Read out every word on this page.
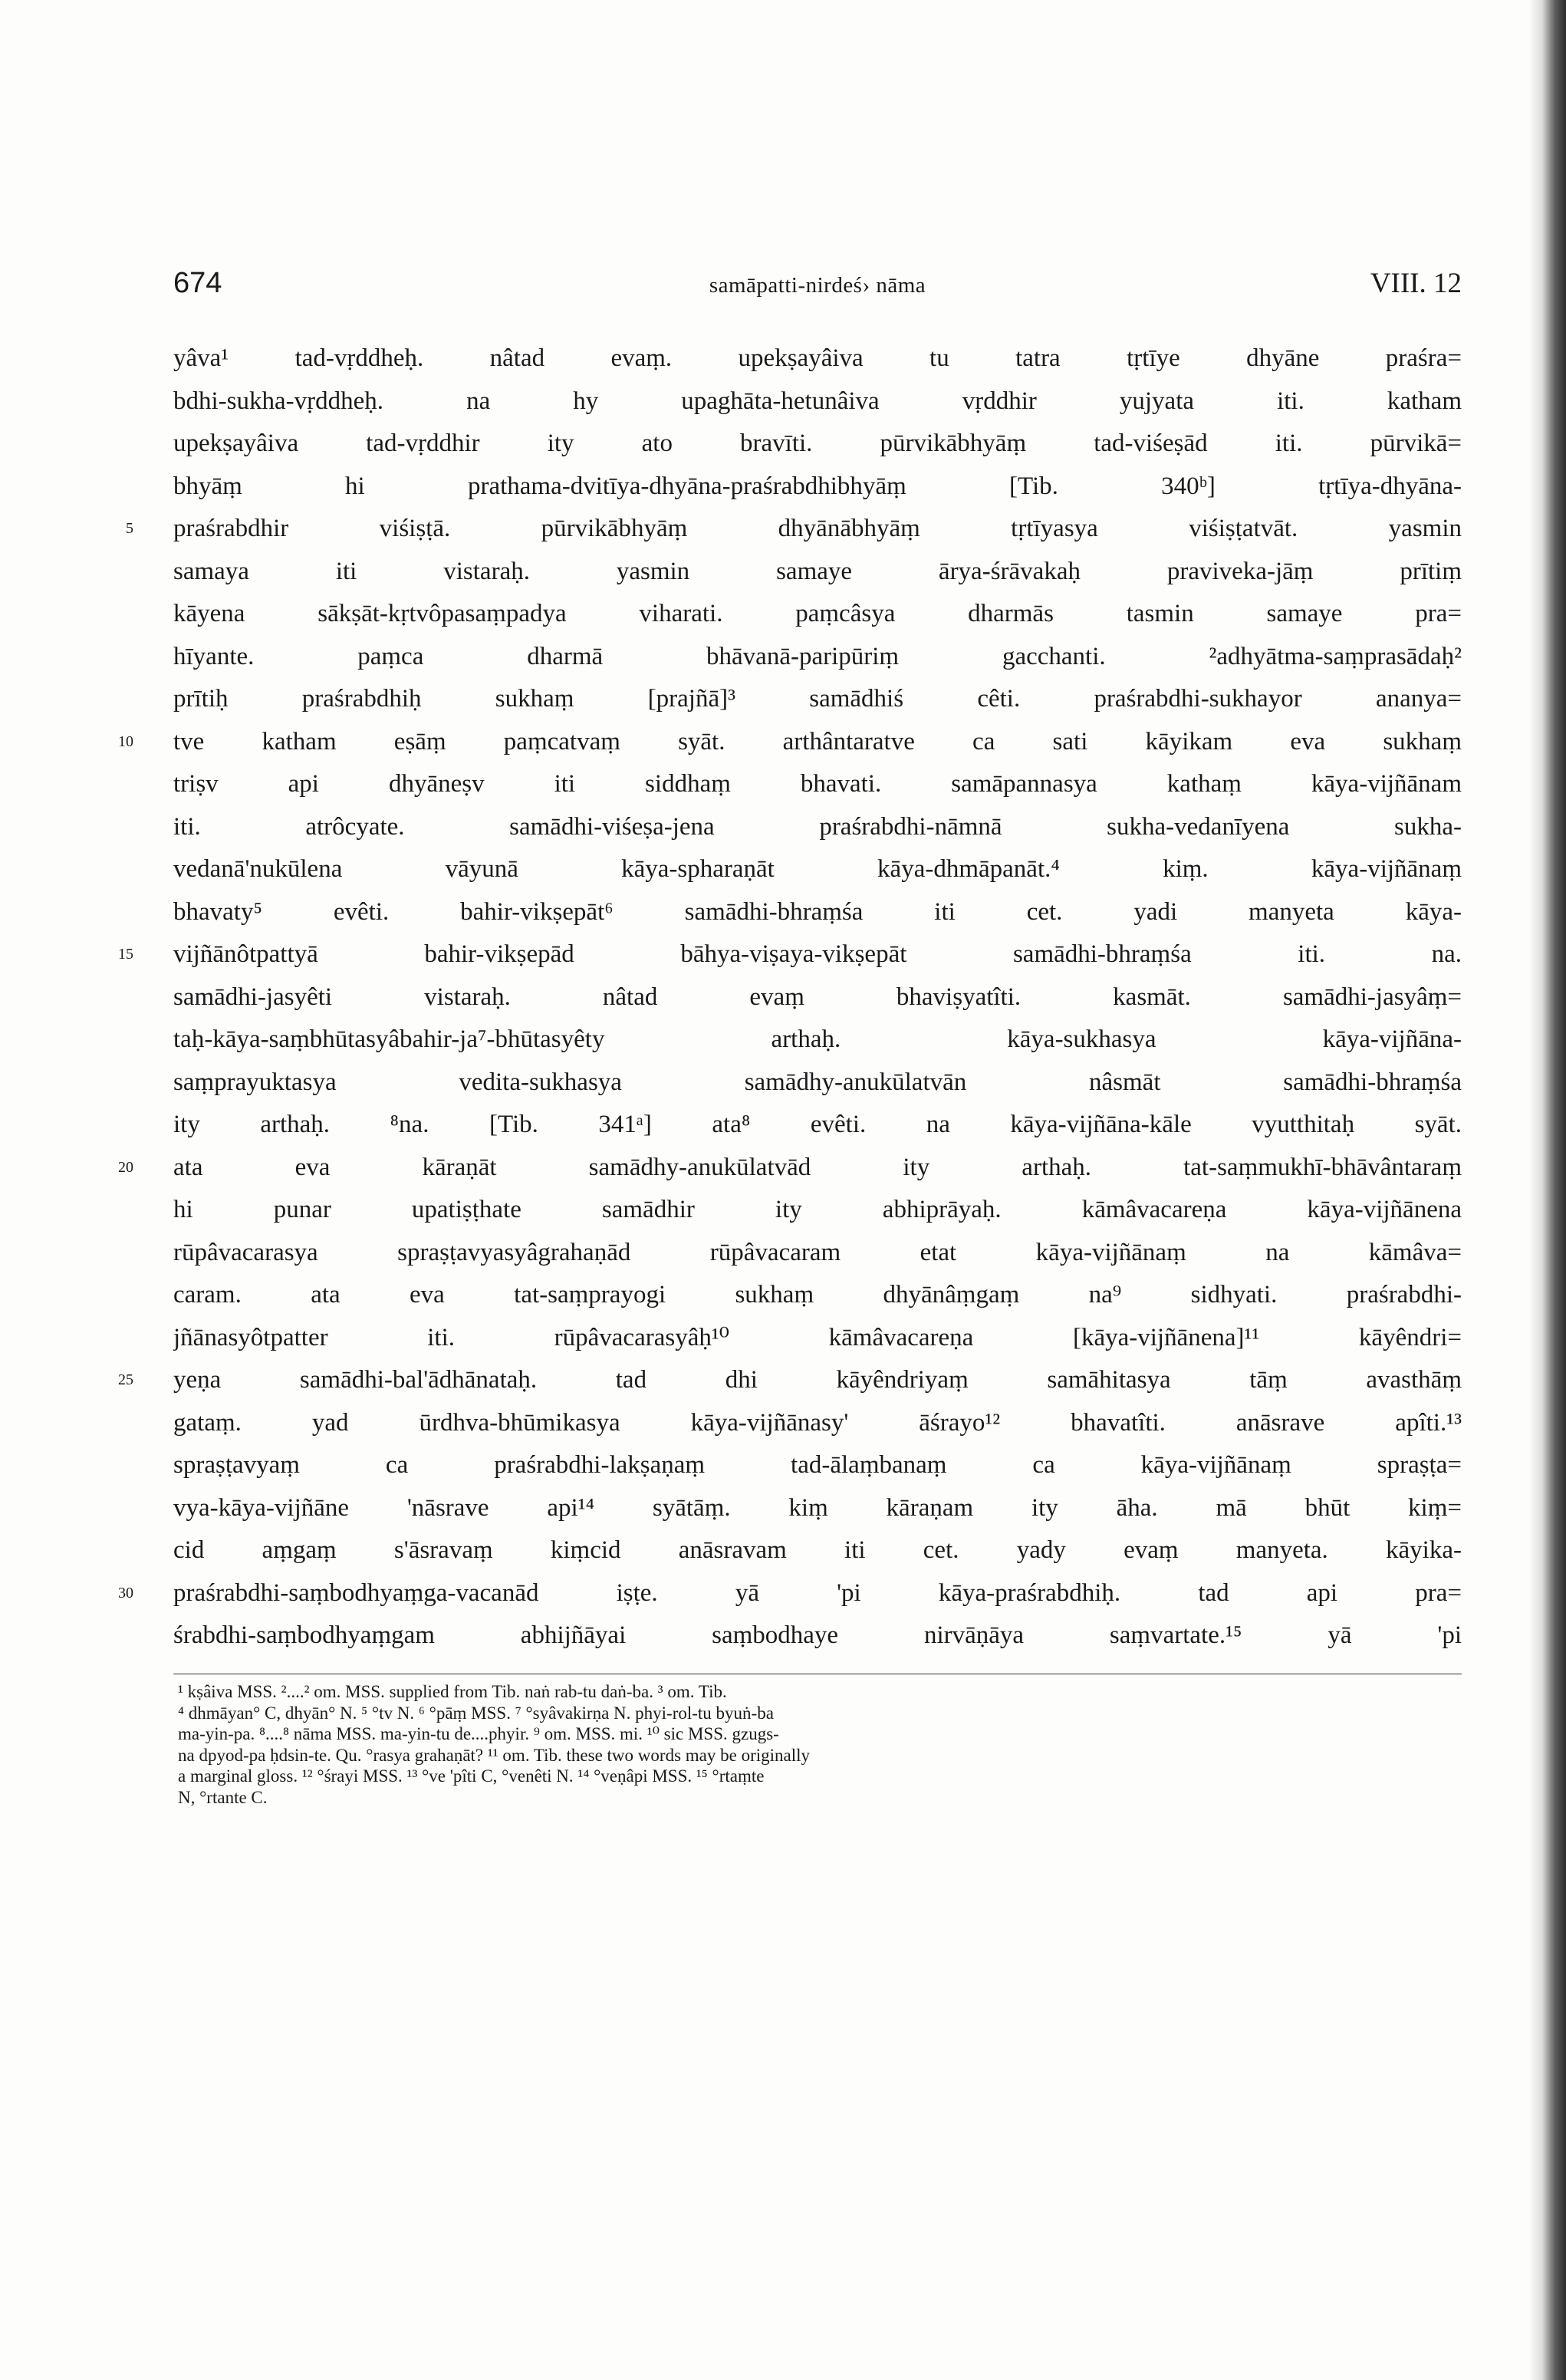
674	samāpatti-nirdeś› nāma	VIII. 12
yâva¹ tad-vṛddheḥ. nâtad evaṃ. upekṣayâiva tu tatra tṛtīye dhyāne praśra=
bdhi-sukha-vṛddheḥ. na hy upaghāta-hetunâiva vṛddhir yujyata iti. katham
upekṣayâiva tad-vṛddhir ity ato bravīti. pūrvikābhyāṃ tad-viśeṣād iti. pūrvikā=
bhyāṃ hi prathama-dvitīya-dhyāna-praśrabdhibhyāṃ [Tib. 340ᵇ] tṛtīya-dhyāna-
5 praśrabdhir viśiṣṭā. pūrvikābhyāṃ dhyānābhyāṃ tṛtīyasya viśiṣṭatvāt. yasmin
samaya iti vistaraḥ. yasmin samaye ārya-śrāvakaḥ praviveka-jāṃ prītiṃ
kāyena sākṣāt-kṛtvôpasaṃpadya viharati. paṃcâsya dharmās tasmin samaye pra=
hīyante. paṃca dharmā bhāvanā-paripūriṃ gacchanti. ²adhyātma-saṃprasādaḥ²
prītiḥ praśrabdhiḥ sukhaṃ [prajñā]³ samādhiś cêti. praśrabdhi-sukhayor ananya=
10 tve katham eṣāṃ paṃcatvaṃ syāt. arthântaratve ca sati kāyikam eva sukhaṃ
triṣv api dhyāneṣv iti siddhaṃ bhavati. samāpannasya kathaṃ kāya-vijñānam
iti. atrôcyate. samādhi-viśeṣa-jena praśrabdhi-nāmnā sukha-vedanīyena sukha-
vedanā'nukūlena vāyunā kāya-spharaṇāt kāya-dhmāpanāt.⁴ kiṃ. kāya-vijñānaṃ
bhavaty⁵ evêti. bahir-vikṣepāt⁶ samādhi-bhraṃśa iti cet. yadi manyeta kāya-
15 vijñānôtpattyā bahir-vikṣepād bāhya-viṣaya-vikṣepāt samādhi-bhraṃśa iti. na.
samādhi-jasyêti vistaraḥ. nâtad evaṃ bhaviṣyatîti. kasmāt. samādhi-jasyâṃ=
taḥ-kāya-saṃbhūtasyâbahir-ja⁷-bhūtasyêty arthaḥ. kāya-sukhasya kāya-vijñāna-
saṃprayuktasya vedita-sukhasya samādhy-anukūlatvān nâsmāt samādhi-bhraṃśa
ity arthaḥ. ⁸na. [Tib. 341ᵃ] ata⁸ evêti. na kāya-vijñāna-kāle vyutthitaḥ syāt.
20 ata eva kāraṇāt samādhy-anukūlatvād ity arthaḥ. tat-saṃmukhī-bhāvântaraṃ
hi punar upatiṣṭhate samādhir ity abhiprāyaḥ. kāmâvacareṇa kāya-vijñānena
rūpâvacarasya spraṣṭavyasyâgrahaṇād rūpâvacaram etat kāya-vijñānaṃ na kāmâva=
caram. ata eva tat-saṃprayogi sukhaṃ dhyānâṃgaṃ na⁹ sidhyati. praśrabdhi-
jñānasyôtpatter iti. rūpâvacarasyâḥ¹⁰ kāmâvacareṇa [kāya-vijñānena]¹¹ kāyêndri=
25 yeṇa samādhi-bal'ādhānataḥ. tad dhi kāyêndriyaṃ samāhitasya tāṃ avasthāṃ
gataṃ. yad ūrdhva-bhūmikasya kāya-vijñānasy' āśrayo¹² bhavatîti. anāsrave apîti.¹³
spraṣṭavyaṃ ca praśrabdhi-lakṣaṇaṃ tad-ālaṃbanaṃ ca kāya-vijñānaṃ spraṣṭa=
vya-kāya-vijñāne 'nāsrave api¹⁴ syātāṃ. kiṃ kāraṇam ity āha. mā bhūt kiṃ=
cid aṃgaṃ s'āsravaṃ kiṃcid anāsravam iti cet. yady evaṃ manyeta. kāyika-
30 praśrabdhi-saṃbodhyaṃga-vacanād iṣṭe. yā 'pi kāya-praśrabdhiḥ. tad api pra=
śrabdhi-saṃbodhyaṃgam abhijñāyai saṃbodhaye nirvāṇāya saṃvartate.¹⁵ yā 'pi
¹ kṣâiva MSS. ²....² om. MSS. supplied from Tib. naṅ rab-tu daṅ-ba. ³ om. Tib.
⁴ dhmāyan° C, dhyān° N. ⁵ °tv N. ⁶ °pāṃ MSS. ⁷ °syâvakirṇa N. phyi-rol-tu byuṅ-ba
ma-yin-pa. ⁸....⁸ nāma MSS. ma-yin-tu de....phyir. ⁹ om. MSS. mi. ¹⁰ sic MSS. gzugs-
na dpyod-pa ḥdsin-te. Qu. °rasya grahaṇāt? ¹¹ om. Tib. these two words may be originally
a marginal gloss. ¹² °śrayi MSS. ¹³ °ve 'pîti C, °venêti N. ¹⁴ °veṇâpi MSS. ¹⁵ °rtaṃte
N, °rtante C.
